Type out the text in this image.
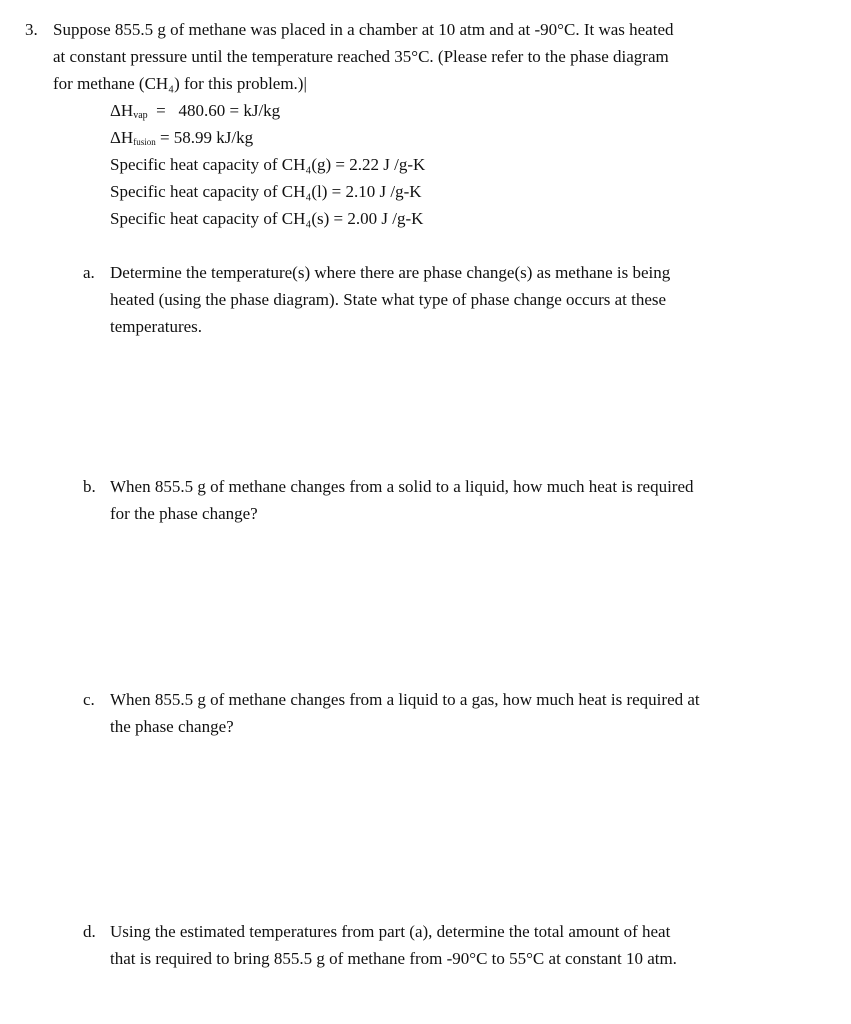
3. Suppose 855.5 g of methane was placed in a chamber at 10 atm and at -90°C. It was heated
at constant pressure until the temperature reached 35°C. (Please refer to the phase diagram
for methane (CH₄) for this problem.)|
$\Delta H_{vap} = 480.60 = kJ/kg$
$\Delta H_{fusion} = 58.99$ kJ/kg
Specific heat capacity of CH₄(g) = 2.22 J /g-K
Specific heat capacity of CH₄(l) = 2.10 J /g-K
Specific heat capacity of CH₄(s) = 2.00 J /g-K
a. Determine the temperature(s) where there are phase change(s) as methane is being
heated (using the phase diagram). State what type of phase change occurs at these
temperatures.
b. When 855.5 g of methane changes from a solid to a liquid, how much heat is required
for the phase change?
c. When 855.5 g of methane changes from a liquid to a gas, how much heat is required at
the phase change?
d. Using the estimated temperatures from part (a), determine the total amount of heat
that is required to bring 855.5 g of methane from -90°C to 55°C at constant 10 atm.
